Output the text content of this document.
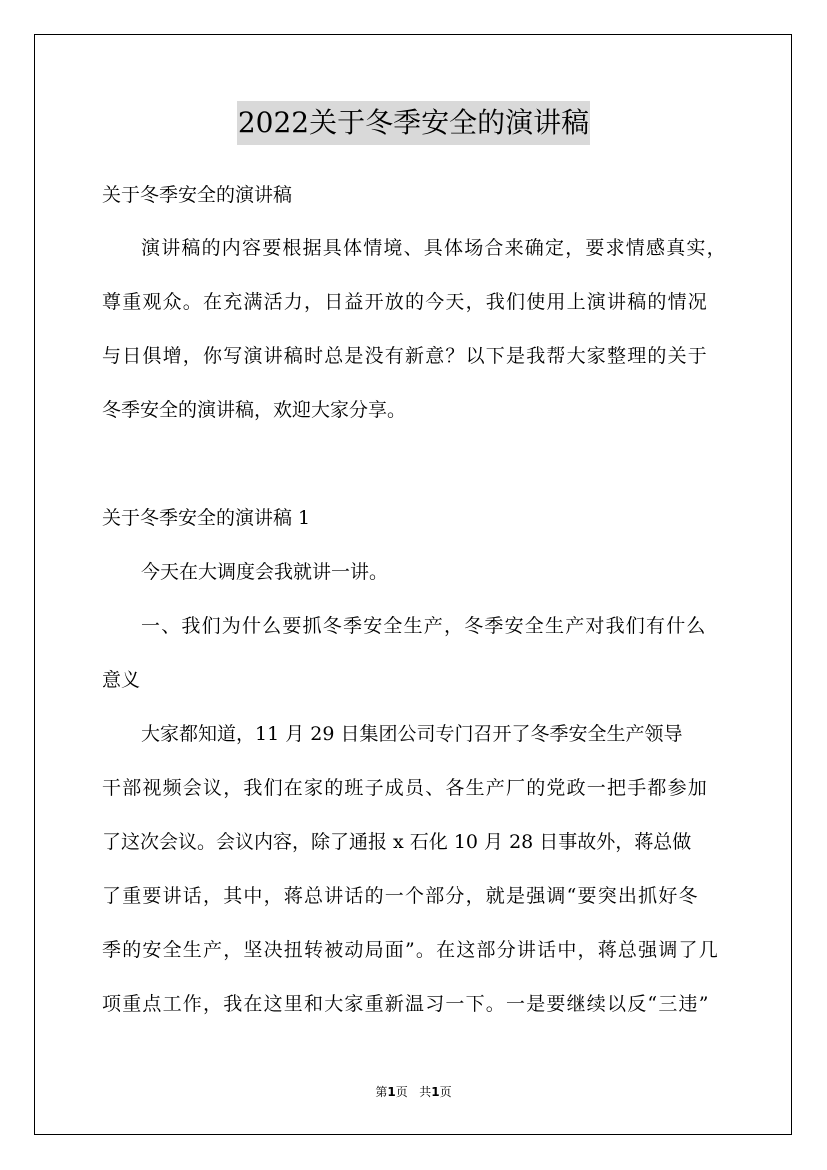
2022关于冬季安全的演讲稿
关于冬季安全的演讲稿
演讲稿的内容要根据具体情境、具体场合来确定，要求情感真实，
尊重观众。在充满活力，日益开放的今天，我们使用上演讲稿的情况
与日俱增，你写演讲稿时总是没有新意？以下是我帮大家整理的关于
冬季安全的演讲稿，欢迎大家分享。
关于冬季安全的演讲稿 1
今天在大调度会我就讲一讲。
一、我们为什么要抓冬季安全生产，冬季安全生产对我们有什么
意义
大家都知道，11 月 29 日集团公司专门召开了冬季安全生产领导
干部视频会议，我们在家的班子成员、各生产厂的党政一把手都参加
了这次会议。会议内容，除了通报 x 石化 10 月 28 日事故外，蒋总做
了重要讲话，其中，蒋总讲话的一个部分，就是强调“要突出抓好冬
季的安全生产，坚决扭转被动局面”。在这部分讲话中，蒋总强调了几
项重点工作，我在这里和大家重新温习一下。一是要继续以反“三违”
第1页 共1页
